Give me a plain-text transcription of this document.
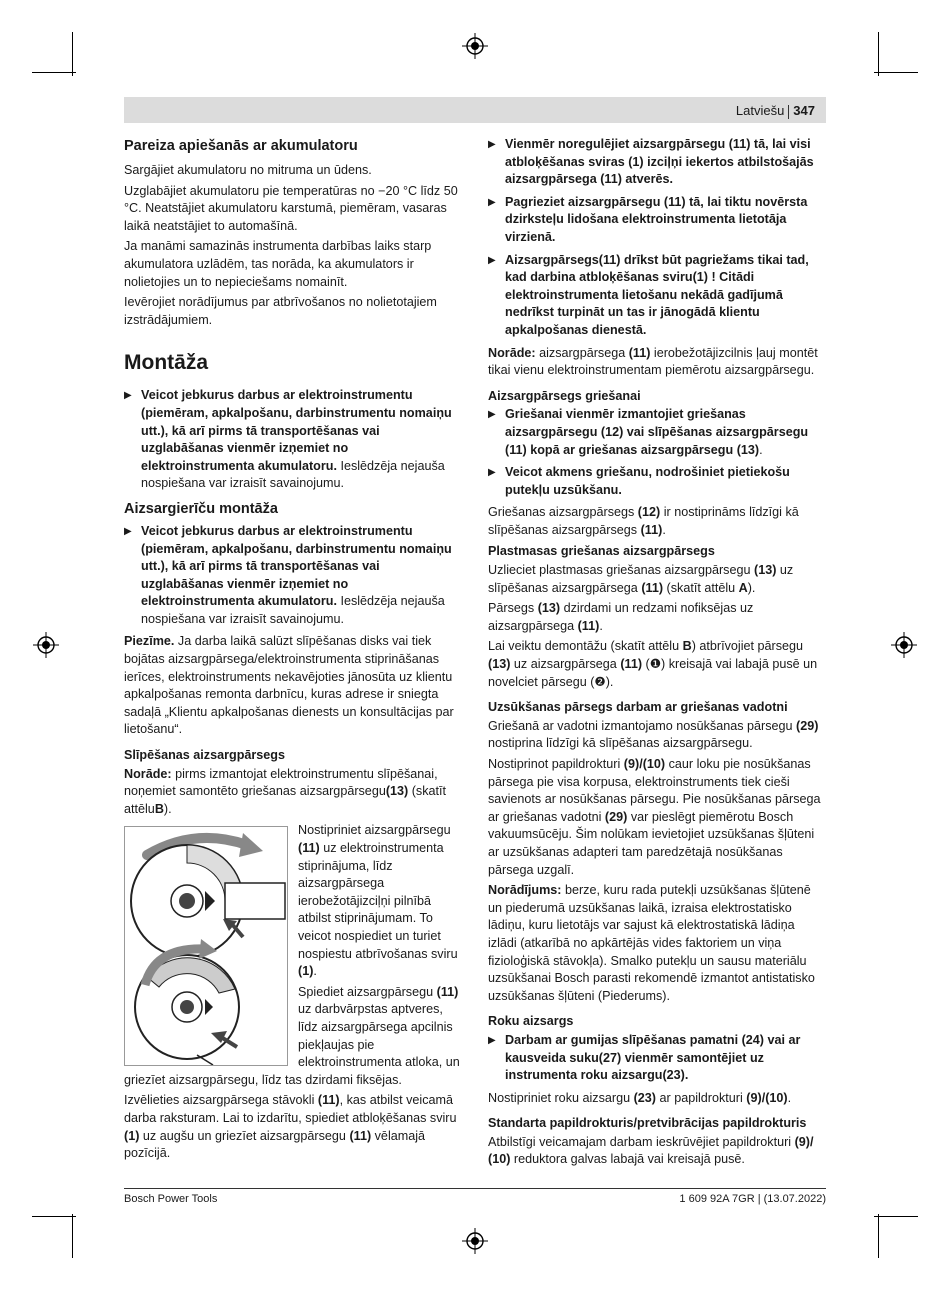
Latviešu 347
Pareiza apiešanās ar akumulatoru

Sargājiet akumulatoru no mitruma un ūdens.

Uzglabājiet akumulatoru pie temperatūras no −20 °C līdz 50 °C. Neatstājiet akumulatoru karstumā, piemēram, vasaras laikā neatstājiet to automašīnā.

Ja manāmi samazinās instrumenta darbības laiks starp akumulatora uzlādēm, tas norāda, ka akumulators ir nolietojies un to nepieciešams nomainīt.

Ievērojiet norādījumus par atbrīvošanos no nolietotajiem izstrādājumiem.

Montāža
▶ Veicot jebkurus darbus ar elektroinstrumentu (piemēram, apkalpošanu, darbinstrumentu nomaiņu utt.), kā arī pirms tā transportēšanas vai uzglabāšanas vienmēr izņemiet no elektroinstrumenta akumulatoru. Ieslēdzēja nejauša nospiešana var izraisīt savainojumu.
Aizsargierīču montāža
▶ Veicot jebkurus darbus ar elektroinstrumentu (piemēram, apkalpošanu, darbinstrumentu nomaiņu utt.), kā arī pirms tā transportēšanas vai uzglabāšanas vienmēr izņemiet no elektroinstrumenta akumulatoru. Ieslēdzēja nejauša nospiešana var izraisīt savainojumu.

Piezīme. Ja darba laikā salūzt slīpēšanas disks vai tiek bojātas aizsargpārsega/elektroinstrumenta stiprināšanas ierīces, elektroinstruments nekavējoties jānosūta uz klientu apkalpošanas remonta darbnīcu, kuras adrese ir sniegta sadaļā „Klientu apkalpošanas dienests un konsultācijas par lietošanu“.

Slīpēšanas aizsargpārsegs

Norāde: pirms izmantojat elektroinstrumentu slīpēšanai, noņemiet samontēto griešanas aizsargpārsegu(13) (skatīt attēluB).

Nostipriniet aizsargpārsegu (11) uz elektroinstrumenta stiprinājuma, līdz aizsargpārsega ierobežotājizciļņi pilnībā atbilst stiprinājumam. To veicot nospiediet un turiet nospiestu atbrīvošanas sviru (1).

Spiediet aizsargpārsegu (11) uz darbvārpstas aptveres, līdz aizsargpārsega apcilnis piekļaujas pie elektroinstrumenta atloka, un griezīet aizsargpārsegu, līdz tas dzirdami fiksējas.

Izvēlieties aizsargpārsega stāvokli (11), kas atbilst veicamā darba raksturam. Lai to izdarītu, spiediet atbloķēšanas sviru (1) uz augšu un griezīet aizsargpārsegu (11) vēlamajā pozīcijā.

▶ Vienmēr noregulējiet aizsargpārsegu (11) tā, lai visi atbloķēšanas sviras (1) izciļņi iekertos atbilstošajās aizsargpārsega (11) atverēs.
▶ Pagrieziet aizsargpārsegu (11) tā, lai tiktu novērsta dzirksteļu lidošana elektroinstrumenta lietotāja virzienā.
▶ Aizsargpārsegs(11) drīkst būt pagriežams tikai tad, kad darbina atbloķēšanas sviru(1) ! Citādi elektroinstrumenta lietošanu nekādā gadījumā nedrīkst turpināt un tas ir jānogādā klientu apkalpošanas dienestā.

Norāde: aizsargpārsega (11) ierobežotājizcilnis ļauj montēt tikai vienu elektroinstrumentam piemērotu aizsargpārsegu.

Aizsargpārsegs griešanai
▶ Griešanai vienmēr izmantojiet griešanas aizsargpārsegu (12) vai slīpēšanas aizsargpārsegu (11) kopā ar griešanas aizsargpārsegu (13).
▶ Veicot akmens griešanu, nodrošiniet pietiekošu putekļu uzsūkšanu.

Griešanas aizsargpārsegs (12) ir nostiprināms līdzīgi kā slīpēšanas aizsargpārsegs (11).

Plastmasas griešanas aizsargpārsegs

Uzlieciet plastmasas griešanas aizsargpārsegu (13) uz slīpēšanas aizsargpārsega (11) (skatīt attēlu A).

Pārsegs (13) dzirdami un redzami nofiksējas uz aizsargpārsega (11).

Lai veiktu demontāžu (skatīt attēlu B) atbrīvojiet pārsegu (13) uz aizsargpārsega (11) (❶) kreisajā vai labajā pusē un novelciet pārsegu (❷).

Uzsūkšanas pārsegs darbam ar griešanas vadotni

Griešanā ar vadotni izmantojamo nosūkšanas pārsegu (29) nostiprina līdzīgi kā slīpēšanas aizsargpārsegu.

Nostiprinot papildrokturi (9)/(10) caur loku pie nosūkšanas pārsega pie visa korpusa, elektroinstruments tiek cieši savienots ar nosūkšanas pārsegu. Pie nosūkšanas pārsega ar griešanas vadotni (29) var pieslēgt piemērotu Bosch vakuumsūcēju. Šim nolūkam ievietojiet uzsūkšanas šļūteni ar uzsūkšanas adapteri tam paredzētajā nosūkšanas pārsega uzgalī.

Norādījums: berze, kuru rada putekļi uzsūkšanas šļūtenē un piederumā uzsūkšanas laikā, izraisa elektrostatisko lādiņu, kuru lietotājs var sajust kā elektrostatiskā lādiņa izlādi (atkarībā no apkārtējās vides faktoriem un viņa fizioloģiskā stāvokļa). Smalko putekļu un sausu materiālu uzsūkšanai Bosch parasti rekomendē izmantot antistatisko uzsūkšanas šļūteni (Piederums).

Roku aizsargs
▶ Darbam ar gumijas slīpēšanas pamatni (24) vai ar kausveida suku(27) vienmēr samontējiet uz instrumenta roku aizsargu(23).

Nostipriniet roku aizsargu (23) ar papildrokturi (9)/(10).

Standarta papildrokturis/pretvibrācijas papildrokturis

Atbilstīgi veicamajam darbam ieskrūvējiet papildrokturi (9)/ (10) reduktora galvas labajā vai kreisajā pusē.

Bosch Power Tools	1 609 92A 7GR | (13.07.2022)
